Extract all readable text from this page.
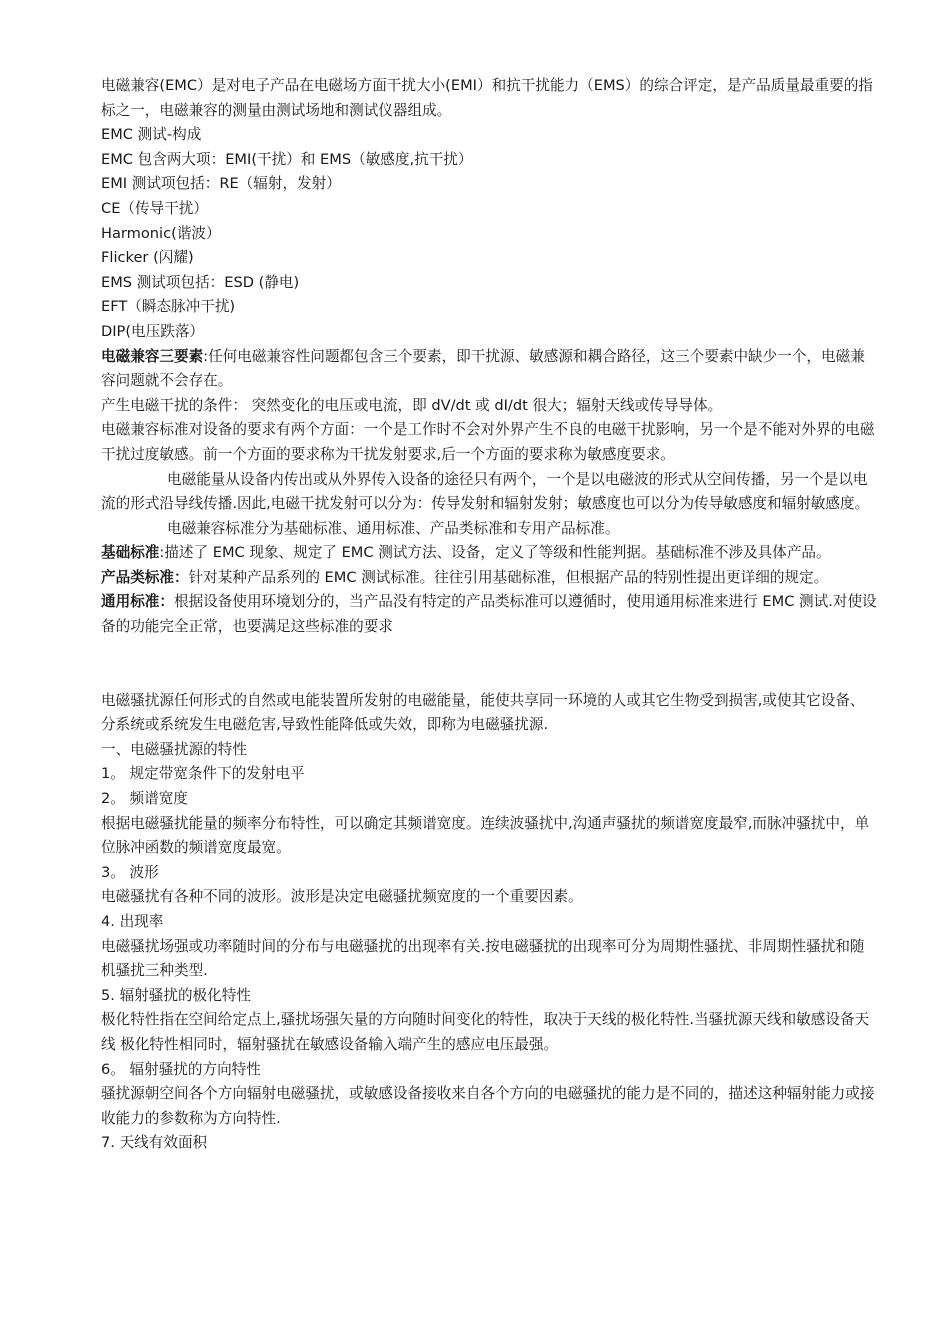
电磁兼容(EMC）是对电子产品在电磁场方面干扰大小(EMI）和抗干扰能力（EMS）的综合评定，是产品质量最重要的指标之一，电磁兼容的测量由测试场地和测试仪器组成。

EMC 测试-构成

EMC 包含两大项：EMI(干扰）和 EMS（敏感度,抗干扰）

EMI 测试项包括：RE（辐射，发射）

CE（传导干扰）

Harmonic(谐波）

Flicker (闪耀)

EMS 测试项包括：ESD (静电)

EFT（瞬态脉冲干扰)

DIP(电压跌落）

电磁兼容三要素:任何电磁兼容性问题都包含三个要素，即干扰源、敏感源和耦合路径，这三个要素中缺少一个，电磁兼容问题就不会存在。

产生电磁干扰的条件： 突然变化的电压或电流，即 dV/dt 或 dI/dt 很大；辐射天线或传导导体。

电磁兼容标准对设备的要求有两个方面：一个是工作时不会对外界产生不良的电磁干扰影响，另一个是不能对外界的电磁干扰过度敏感。前一个方面的要求称为干扰发射要求,后一个方面的要求称为敏感度要求。

电磁能量从设备内传出或从外界传入设备的途径只有两个，一个是以电磁波的形式从空间传播，另一个是以电流的形式沿导线传播.因此,电磁干扰发射可以分为：传导发射和辐射发射；敏感度也可以分为传导敏感度和辐射敏感度。

电磁兼容标准分为基础标准、通用标准、产品类标准和专用产品标准。

基础标准:描述了 EMC 现象、规定了 EMC 测试方法、设备，定义了等级和性能判据。基础标准不涉及具体产品。

产品类标准：针对某种产品系列的 EMC 测试标准。往往引用基础标准，但根据产品的特别性提出更详细的规定。

通用标准：根据设备使用环境划分的，当产品没有特定的产品类标准可以遵循时，使用通用标准来进行 EMC 测试.对使设备的功能完全正常，也要满足这些标准的要求

电磁骚扰源任何形式的自然或电能装置所发射的电磁能量，能使共享同一环境的人或其它生物受到损害,或使其它设备、分系统或系统发生电磁危害,导致性能降低或失效，即称为电磁骚扰源.

一、电磁骚扰源的特性

1。 规定带宽条件下的发射电平

2。 频谱宽度

根据电磁骚扰能量的频率分布特性，可以确定其频谱宽度。连续波骚扰中,沟通声骚扰的频谱宽度最窄,而脉冲骚扰中，单位脉冲函数的频谱宽度最宽。

3。 波形

电磁骚扰有各种不同的波形。波形是决定电磁骚扰频宽度的一个重要因素。

4. 出现率

电磁骚扰场强或功率随时间的分布与电磁骚扰的出现率有关.按电磁骚扰的出现率可分为周期性骚扰、非周期性骚扰和随机骚扰三种类型.

5. 辐射骚扰的极化特性

极化特性指在空间给定点上,骚扰场强矢量的方向随时间变化的特性，取决于天线的极化特性.当骚扰源天线和敏感设备天线 极化特性相同时，辐射骚扰在敏感设备输入端产生的感应电压最强。

6。 辐射骚扰的方向特性

骚扰源朝空间各个方向辐射电磁骚扰，或敏感设备接收来自各个方向的电磁骚扰的能力是不同的，描述这种辐射能力或接收能力的参数称为方向特性.

7. 天线有效面积
